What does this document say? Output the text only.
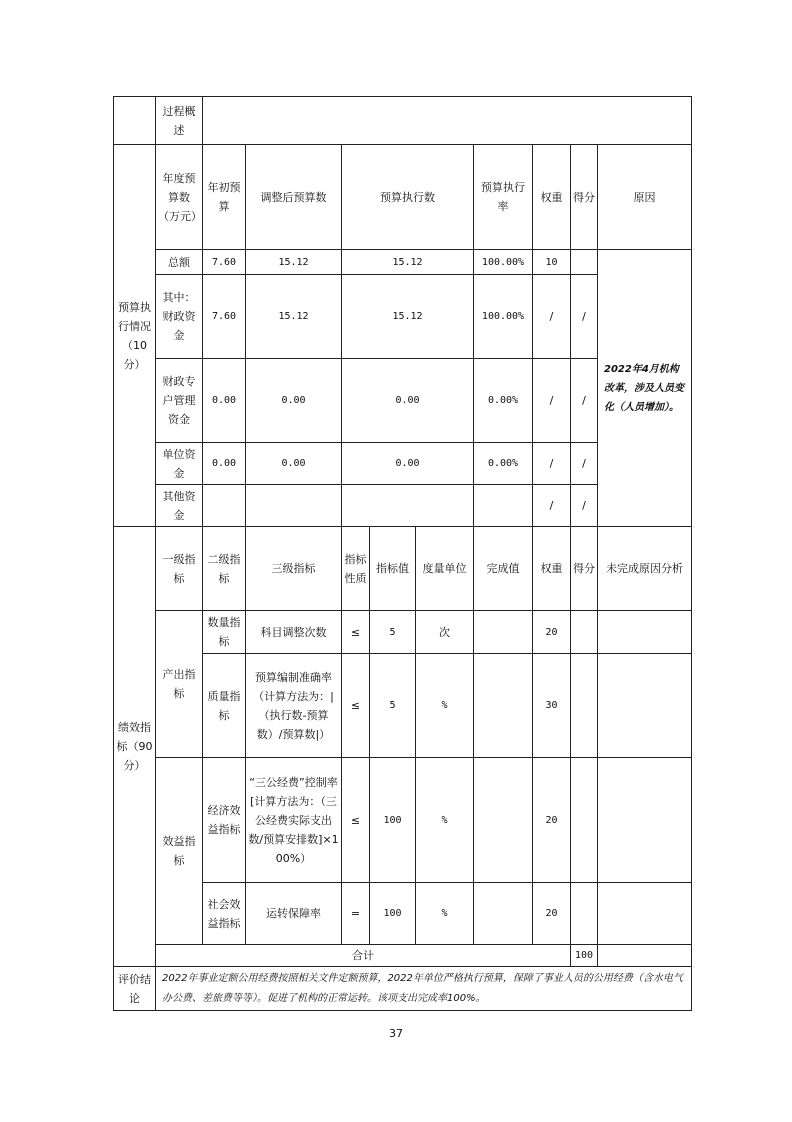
	过程概述										
预算执行情况（10分）	年度预算数（万元）	年初预算	调整后预算数	预算执行数			预算执行率	权重	得分	原因	
	总额	7.60	15.12	15.12			100.00%	10		2022年4月机构改革，涉及人员变化（人员增加）。	
	其中：财政资金	7.60	15.12	15.12			100.00%	/	/		
	财政专户管理资金	0.00	0.00	0.00			0.00%	/	/		
	单位资金	0.00	0.00	0.00			0.00%	/	/		
	其他资金							/	/		
绩效指标（90分）	一级指标	二级指标	三级指标	指标性质	指标值	度量单位	完成值	权重	得分	未完成原因分析	
	产出指标	数量指标	科目调整次数	≤	5	次		20			
		质量指标	预算编制准确率（计算方法为：|（执行数-预算数）/预算数|）	≤	5	%		30			
	效益指标	经济效益指标	“三公经费”控制率[计算方法为：（三公经费实际支出数/预算安排数]×100%）	≤	100	%		20			
		社会效益指标	运转保障率	=	100	%		20			
	合计								100		
评价结论	2022年事业定额公用经费按照相关文件定额预算，2022年单位严格执行预算，保障了事业人员的公用经费（含水电气办公费、差旅费等等）。促进了机构的正常运转。该项支出完成率100%。										
37
